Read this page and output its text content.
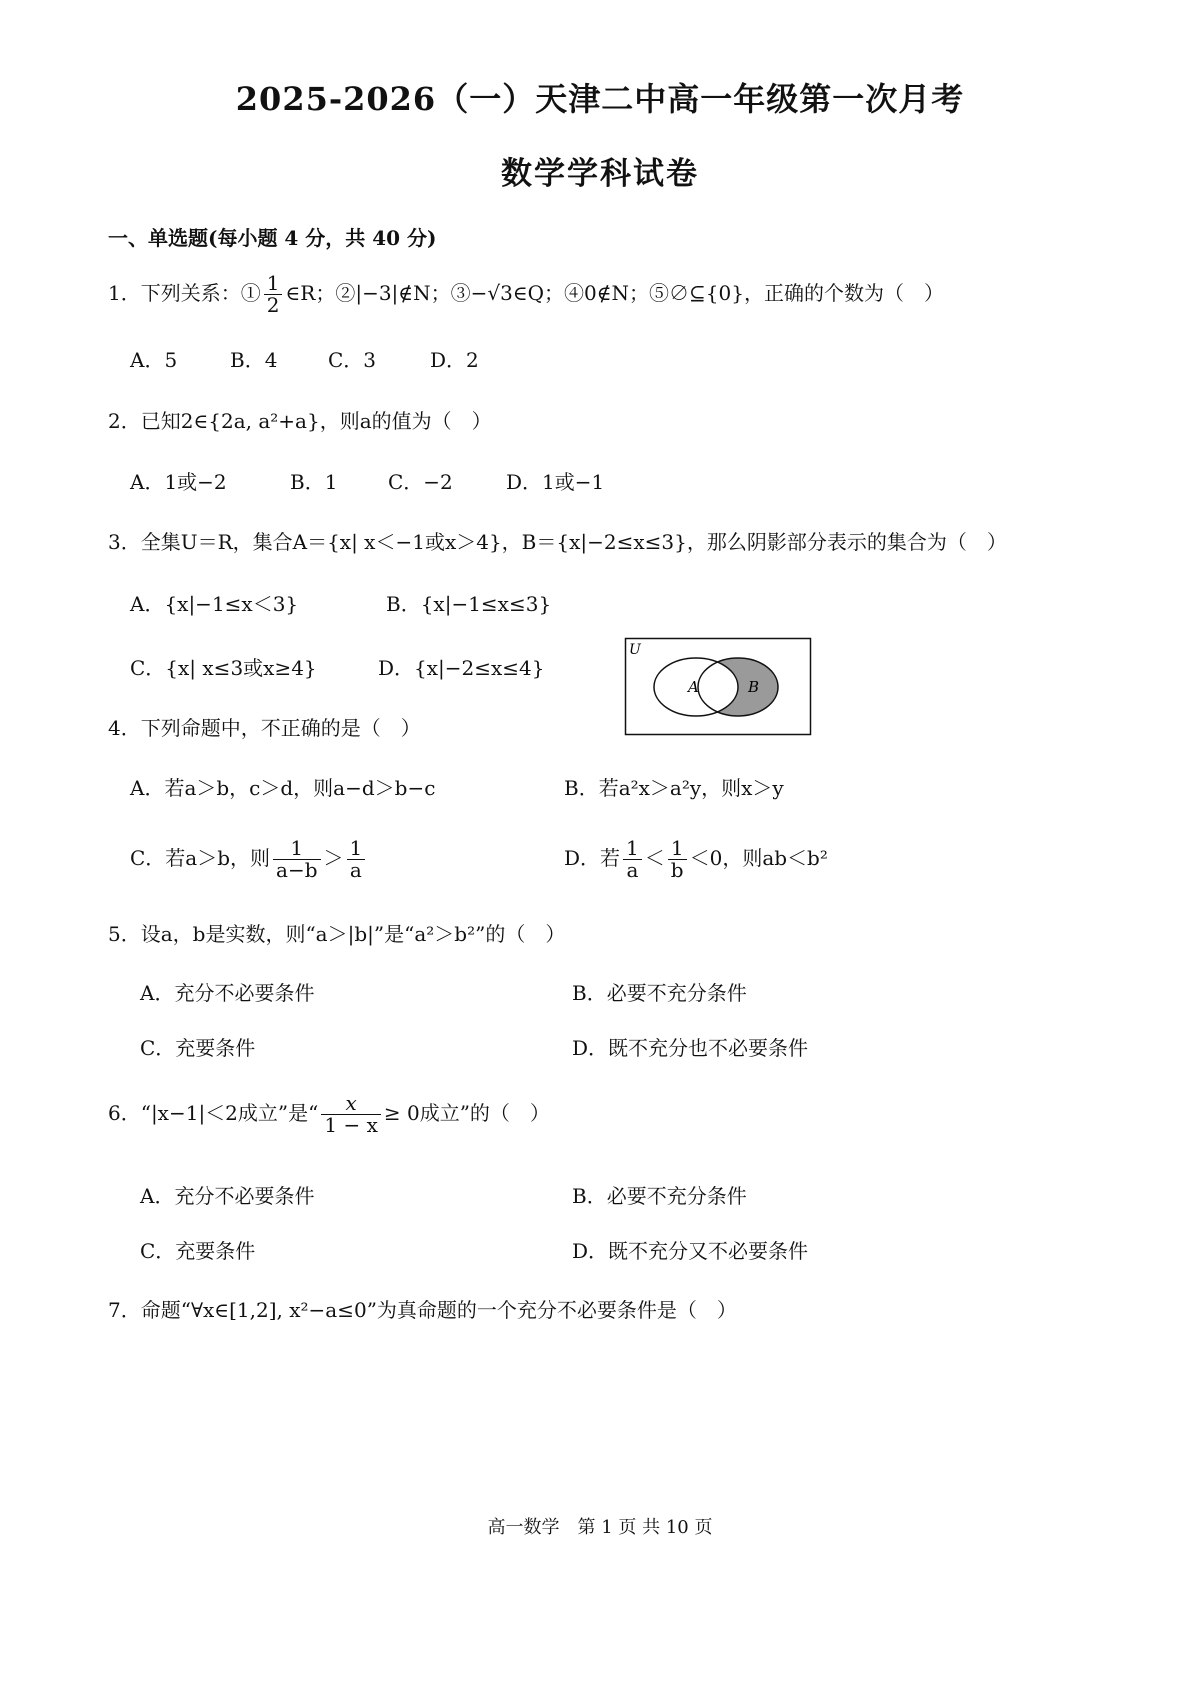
2025-2026（一）天津二中高一年级第一次月考
数学学科试卷
一、单选题(每小题 4 分，共 40 分)
1．下列关系：① $\frac{1}{2}$ ∈R；②|−3|∉N；③−√3∈Q；④0∉N；⑤∅⊆{0}，正确的个数为（　）
A．5	B．4	C．3	D．2
2．已知2∈{2a, a²+a}，则a的值为（　）
A．1或−2	B．1	C．−2	D．1或−1
3．全集U＝R，集合A＝{x| x＜−1或x＞4}，B＝{x|−2≤x≤3}，那么阴影部分表示的集合为（　）
A．{x|−1≤x＜3}	B．{x|−1≤x≤3}
C．{x| x≤3或x≥4}	D．{x|−2≤x≤4}
U
A	B
4．下列命题中，不正确的是（　）
A．若a＞b，c＞d，则a−d＞b−c	B．若a²x＞a²y，则x＞y
C．若a＞b，则 $\frac{1}{a-b} > \frac{1}{a}$	D．若 $\frac{1}{a} < \frac{1}{b} <0$，则ab＜b²
5．设a，b是实数，则“a＞|b|”是“a²＞b²”的（　）
A．充分不必要条件	B．必要不充分条件
C．充要条件	D．既不充分也不必要条件
6．“|x−1|＜2成立”是“ $\frac{x}{1 - x} \ge 0$成立”的（　）
A．充分不必要条件	B．必要不充分条件
C．充要条件	D．既不充分又不必要条件
7．命题“∀x∈[1,2], x²−a≤0”为真命题的一个充分不必要条件是（　）
高一数学　第 1 页 共 10 页
